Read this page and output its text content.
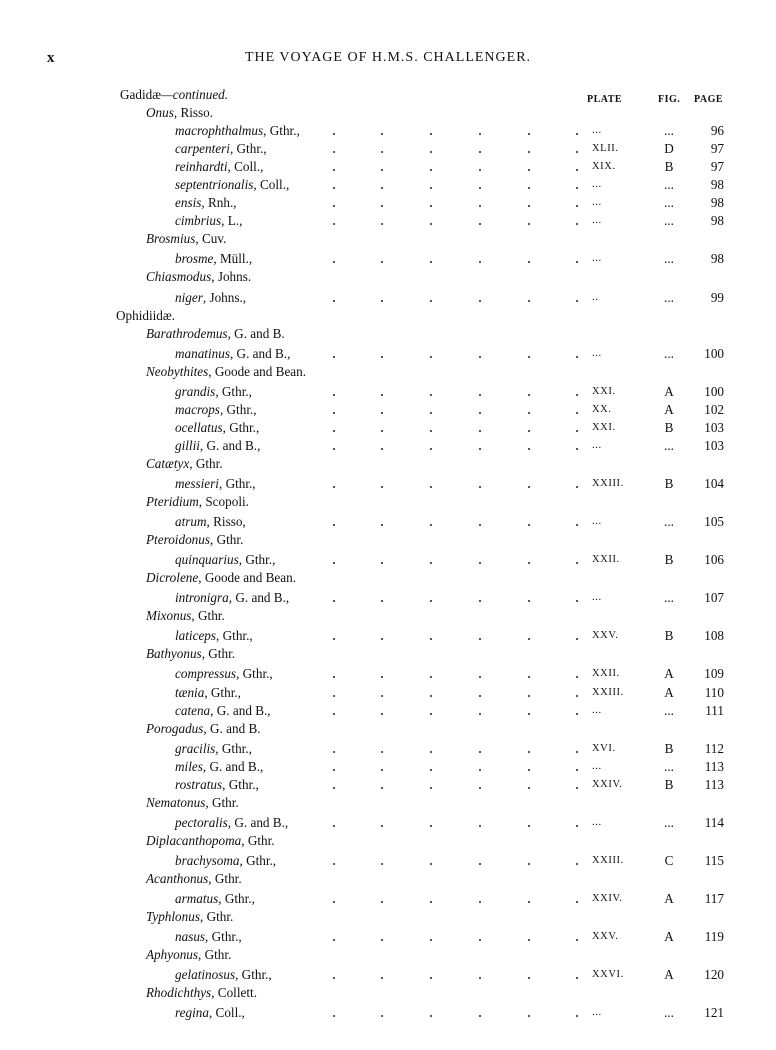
x	THE VOYAGE OF H.M.S. CHALLENGER.
PLATE	FIG. PAGE
Gadidæ—continued.
Onus, Risso.
macrophthalmus, Gthr.,	...	...	96
carpenteri, Gthr.,	XLII.	D	97
reinhardti, Coll.,	XIX.	B	97
septentrionalis, Coll.,	...	...	98
ensis, Rnh.,	...	...	98
cimbrius, L.,	...	...	98
Brosmius, Cuv.
brosme, Müll.,	...	...	98
Chiasmodus, Johns.
niger, Johns.,	..	...	99
Ophidiidæ.
Barathrodemus, G. and B.
manatinus, G. and B.,	...	...	100
Neobythites, Goode and Bean.
grandis, Gthr.,	XXI.	A	100
macrops, Gthr.,	XX.	A	102
ocellatus, Gthr.,	XXI.	B	103
gillii, G. and B.,	...	...	103
Catætyx, Gthr.
messieri, Gthr.,	XXIII.	B	104
Pteridium, Scopoli.
atrum, Risso,	...	...	105
Pteroidonus, Gthr.
quinquarius, Gthr.,	XXII.	B	106
Dicrolene, Goode and Bean.
intronigra, G. and B.,	...	...	107
Mixonus, Gthr.
laticeps, Gthr.,	XXV.	B	108
Bathyonus, Gthr.
compressus, Gthr.,	XXII.	A	109
tænia, Gthr.,	XXIII.	A	110
catena, G. and B.,	...	...	111
Porogadus, G. and B.
gracilis, Gthr.,	XVI.	B	112
miles, G. and B.,	...	...	113
rostratus, Gthr.,	XXIV.	B	113
Nematonus, Gthr.
pectoralis, G. and B.,	...	...	114
Diplacanthopoma, Gthr.
brachysoma, Gthr.,	XXIII.	C	115
Acanthonus, Gthr.
armatus, Gthr.,	XXIV.	A	117
Typhlonus, Gthr.
nasus, Gthr.,	XXV.	A	119
Aphyonus, Gthr.
gelatinosus, Gthr.,	XXVI.	A	120
Rhodichthys, Collett.
regina, Coll.,	...	...	121
